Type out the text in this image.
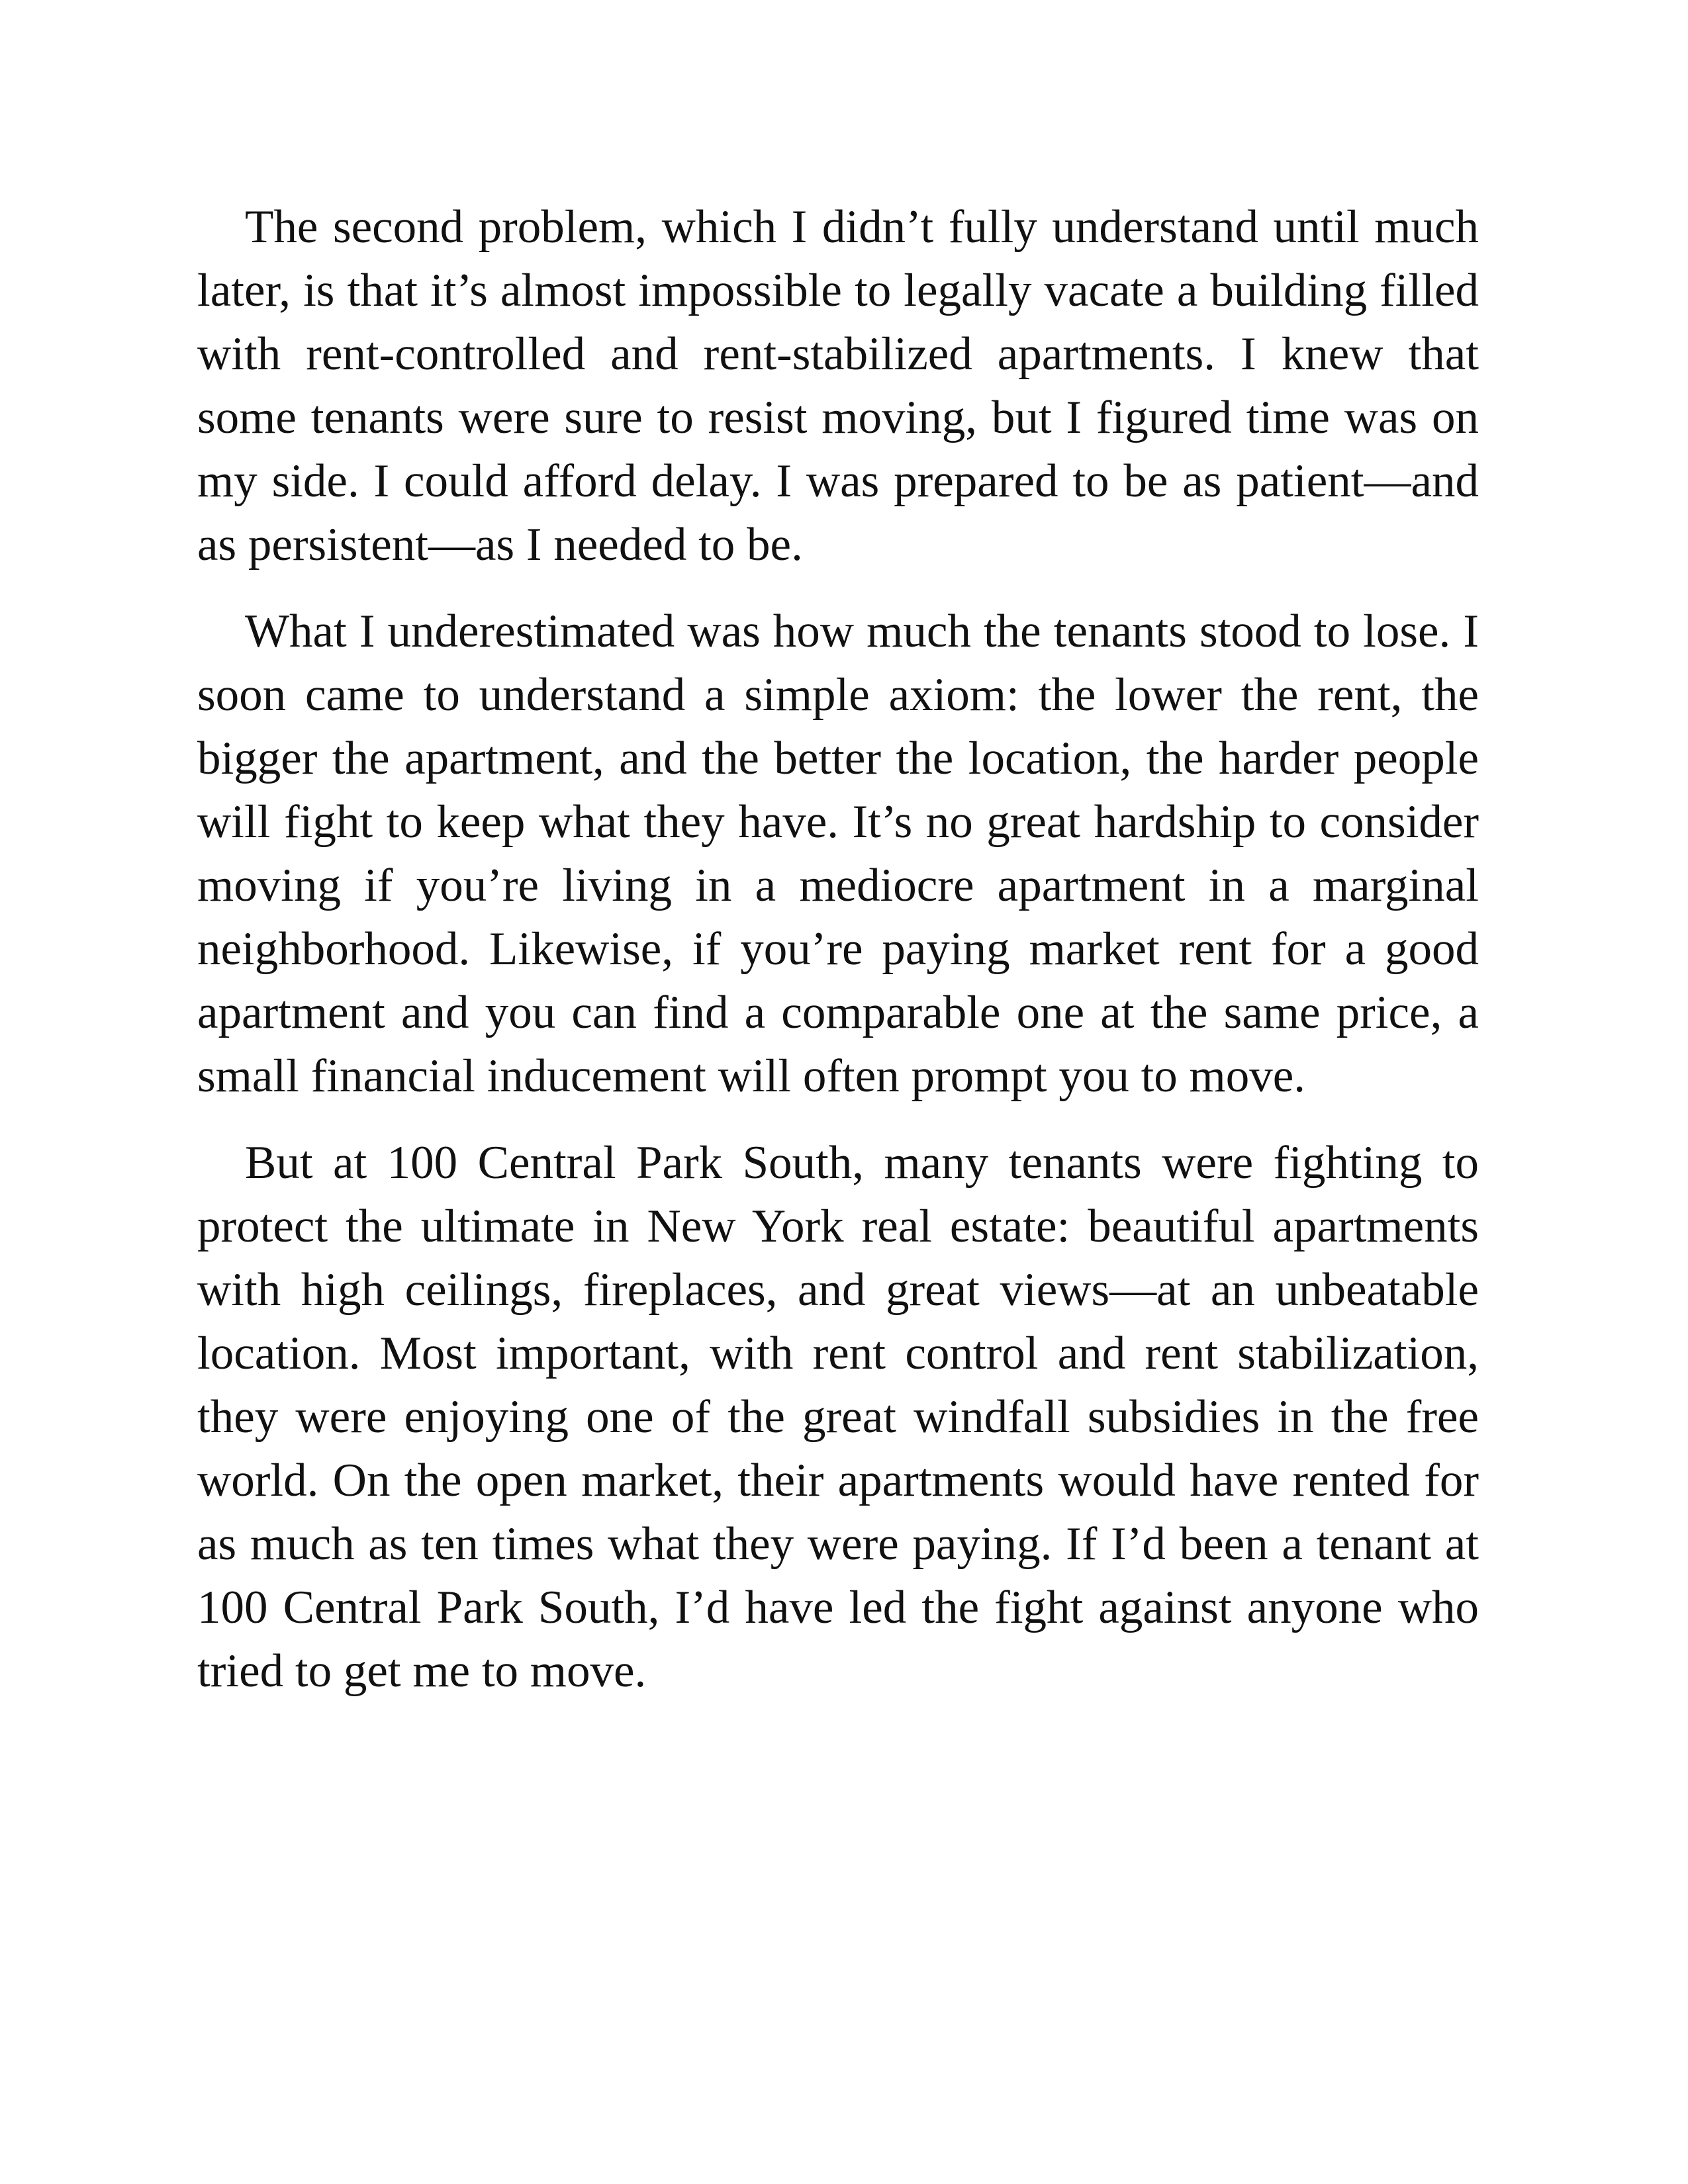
The second problem, which I didn’t fully understand until much later, is that it’s almost impossible to legally vacate a building filled with rent-controlled and rent-stabilized apartments. I knew that some tenants were sure to resist moving, but I figured time was on my side. I could afford delay. I was prepared to be as patient—and as persistent—as I needed to be.

What I underestimated was how much the tenants stood to lose. I soon came to understand a simple axiom: the lower the rent, the bigger the apartment, and the better the location, the harder people will fight to keep what they have. It’s no great hardship to consider moving if you’re living in a mediocre apartment in a marginal neighborhood. Likewise, if you’re paying market rent for a good apartment and you can find a comparable one at the same price, a small financial inducement will often prompt you to move.

But at 100 Central Park South, many tenants were fighting to protect the ultimate in New York real estate: beautiful apartments with high ceilings, fireplaces, and great views—at an unbeatable location. Most important, with rent control and rent stabilization, they were enjoying one of the great windfall subsidies in the free world. On the open market, their apartments would have rented for as much as ten times what they were paying. If I’d been a tenant at 100 Central Park South, I’d have led the fight against anyone who tried to get me to move.
